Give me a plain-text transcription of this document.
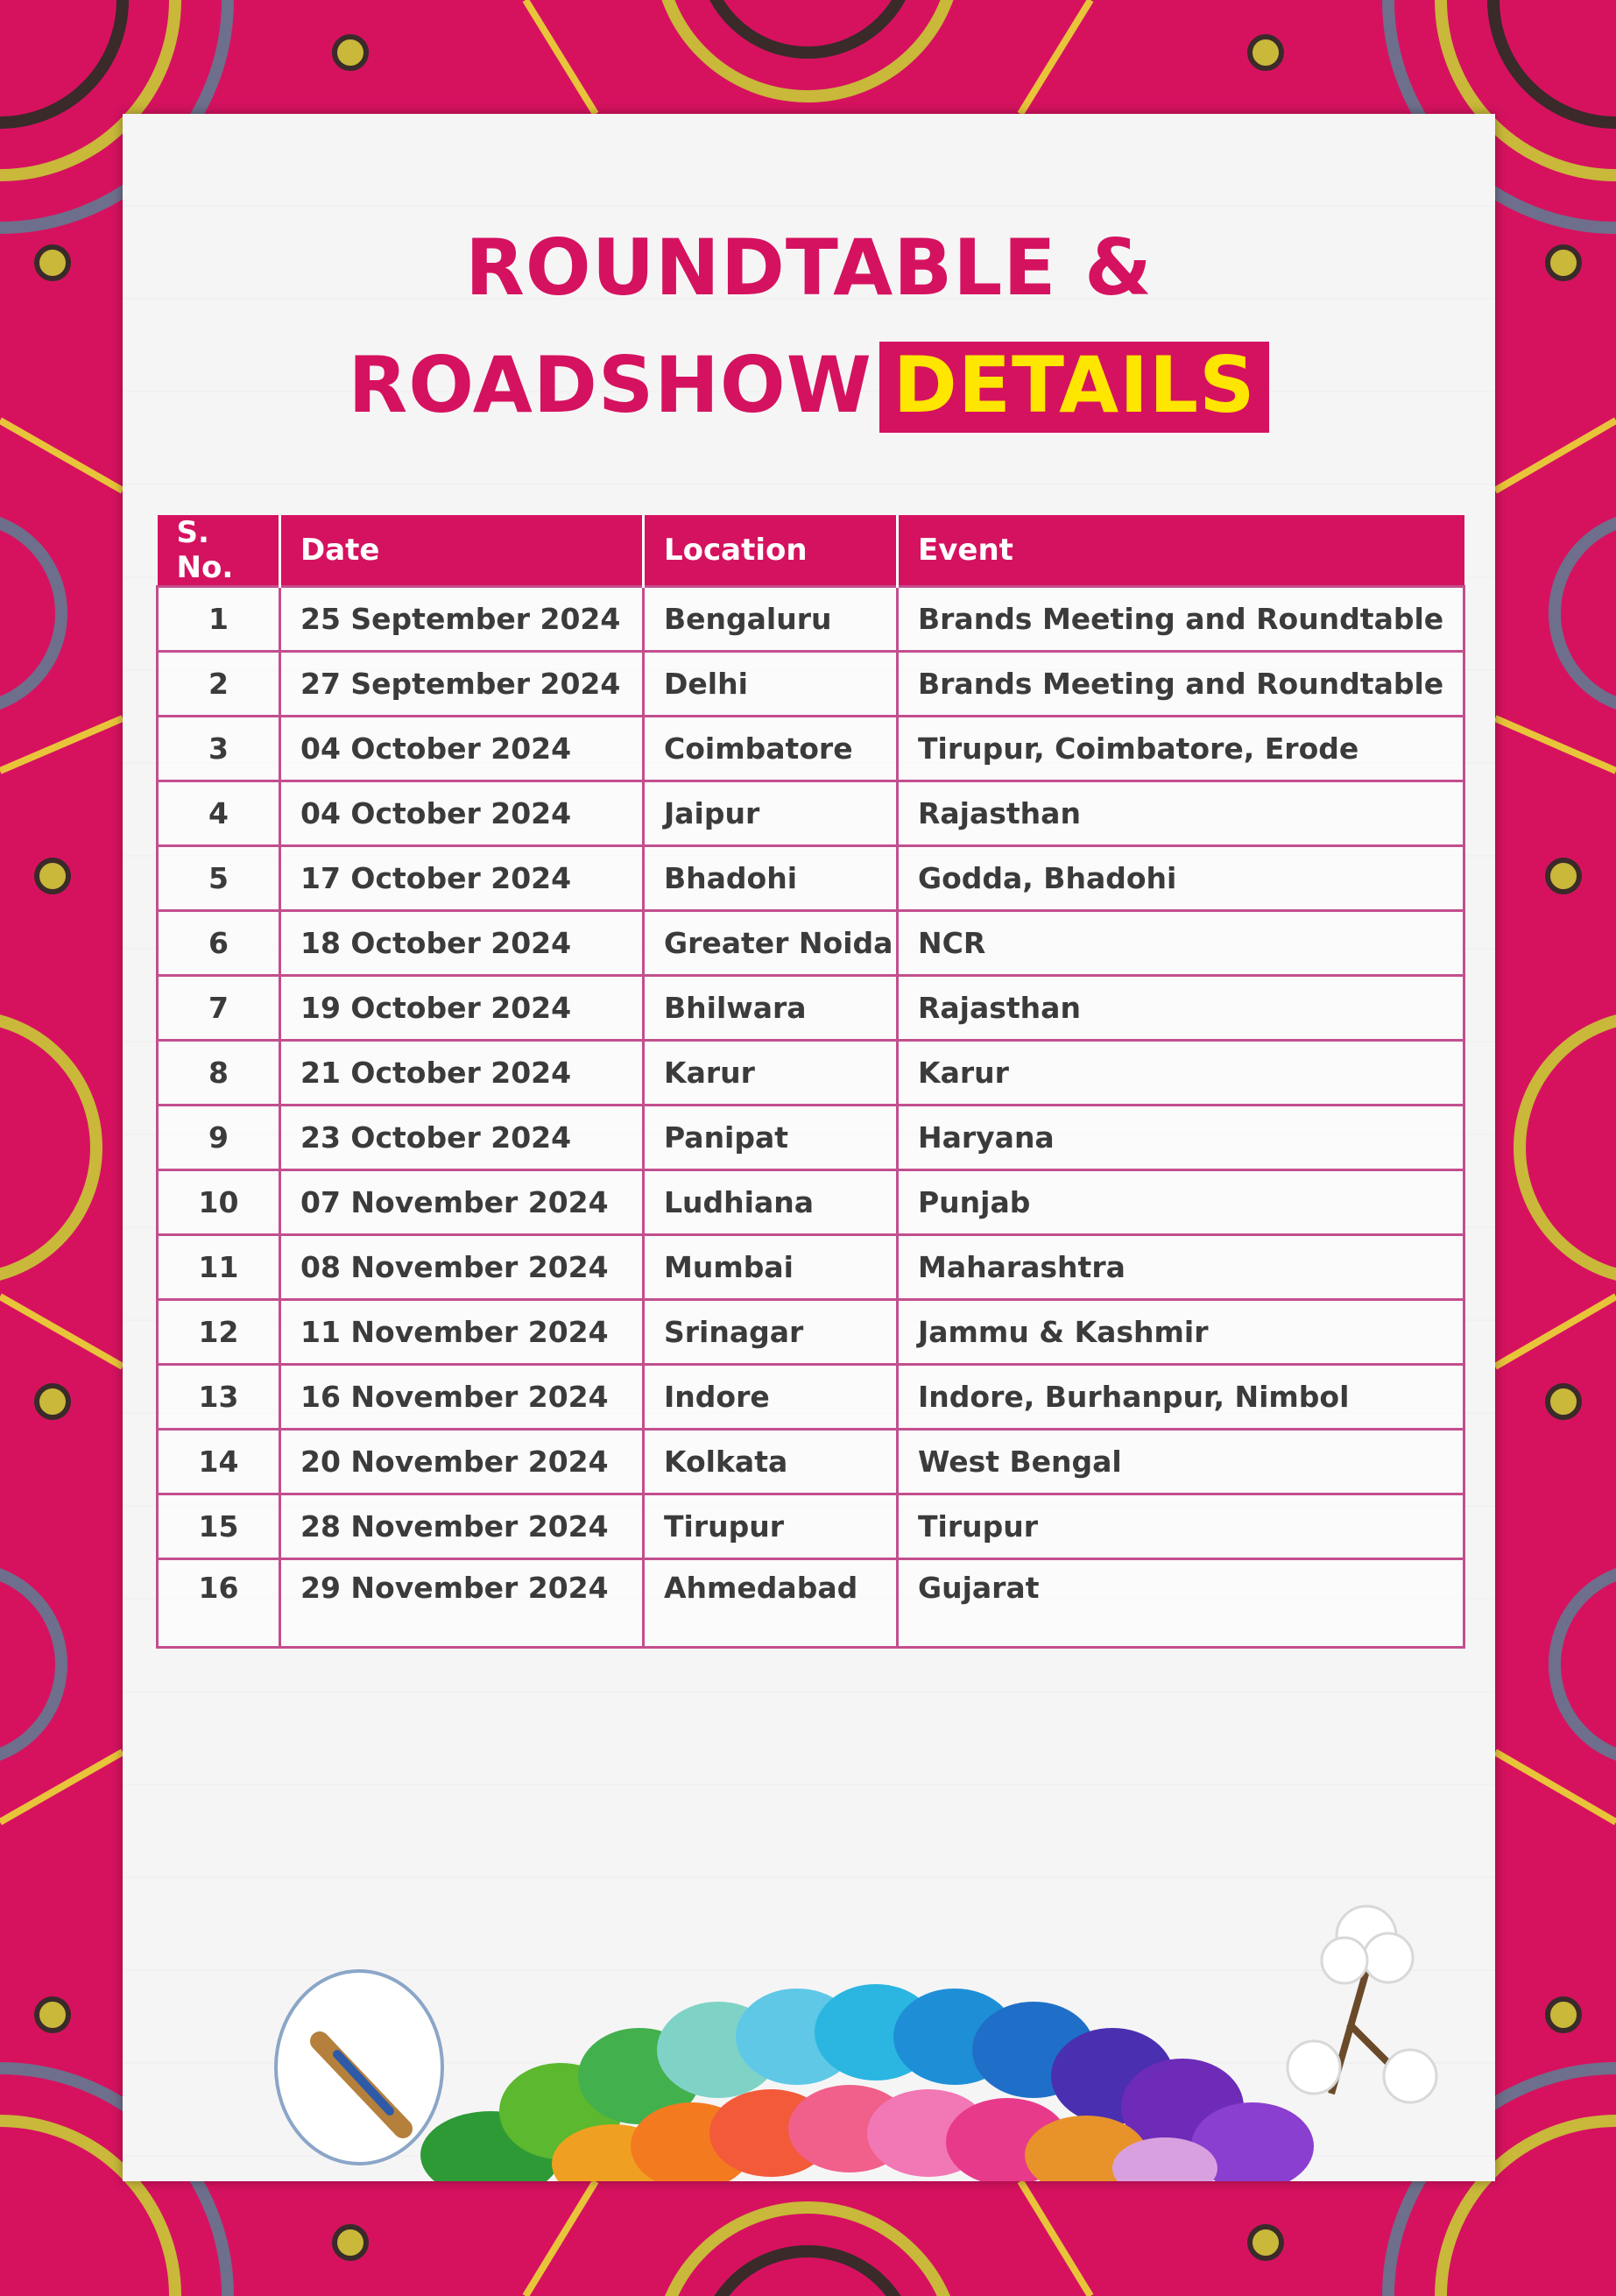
ROUNDTABLE &
ROADSHOW DETAILS
S. No.	Date	Location	Event
1	25 September 2024	Bengaluru	Brands Meeting and Roundtable
2	27 September 2024	Delhi	Brands Meeting and Roundtable
3	04 October 2024	Coimbatore	Tirupur, Coimbatore, Erode
4	04 October 2024	Jaipur	Rajasthan
5	17 October 2024	Bhadohi	Godda, Bhadohi
6	18 October 2024	Greater Noida	NCR
7	19 October 2024	Bhilwara	Rajasthan
8	21 October 2024	Karur	Karur
9	23 October 2024	Panipat	Haryana
10	07 November 2024	Ludhiana	Punjab
11	08 November 2024	Mumbai	Maharashtra
12	11 November 2024	Srinagar	Jammu & Kashmir
13	16 November 2024	Indore	Indore, Burhanpur, Nimbol
14	20 November 2024	Kolkata	West Bengal
15	28 November 2024	Tirupur	Tirupur
16	29 November 2024	Ahmedabad	Gujarat
